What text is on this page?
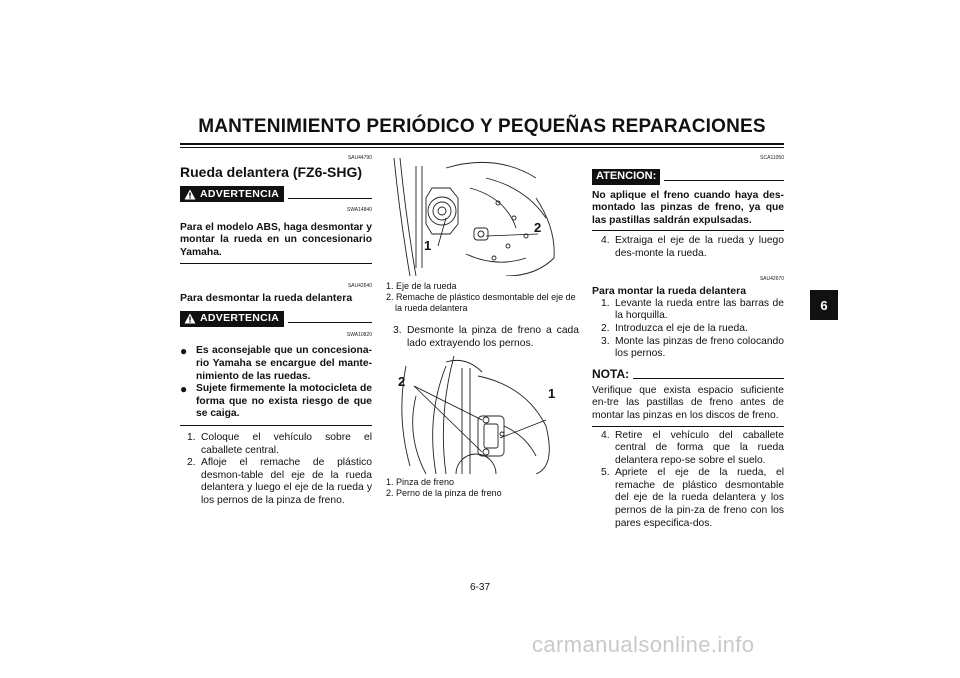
MANTENIMIENTO PERIÓDICO Y PEQUEÑAS REPARACIONES
6
SAU44790
Rueda delantera (FZ6-SHG)
ADVERTENCIA
SWA14840
Para el modelo ABS, haga desmontar y montar la rueda en un concesionario Yamaha.
SAU42640
Para desmontar la rueda delantera
ADVERTENCIA
SWA10820
● Es aconsejable que un concesiona-rio Yamaha se encargue del mante-nimiento de las ruedas.
● Sujete firmemente la motocicleta de forma que no exista riesgo de que se caiga.
1. Coloque el vehículo sobre el caballete central.
2. Afloje el remache de plástico desmon-table del eje de la rueda delantera y luego el eje de la rueda y los pernos de la pinza de freno.
1
2
1. Eje de la rueda
2. Remache de plástico desmontable del eje de la rueda delantera
3. Desmonte la pinza de freno a cada lado extrayendo los pernos.
2
1
1. Pinza de freno
2. Perno de la pinza de freno
SCA11050
ATENCION:
No aplique el freno cuando haya des-montado las pinzas de freno, ya que las pastillas saldrán expulsadas.
4. Extraiga el eje de la rueda y luego des-monte la rueda.
SAU42670
Para montar la rueda delantera
1. Levante la rueda entre las barras de la horquilla.
2. Introduzca el eje de la rueda.
3. Monte las pinzas de freno colocando los pernos.
NOTA:
Verifique que exista espacio suficiente en-tre las pastillas de freno antes de montar las pinzas en los discos de freno.
4. Retire el vehículo del caballete central de forma que la rueda delantera repo-se sobre el suelo.
5. Apriete el eje de la rueda, el remache de plástico desmontable del eje de la rueda delantera y los pernos de la pin-za de freno con los pares especifica-dos.
6-37
carmanualsonline.info
